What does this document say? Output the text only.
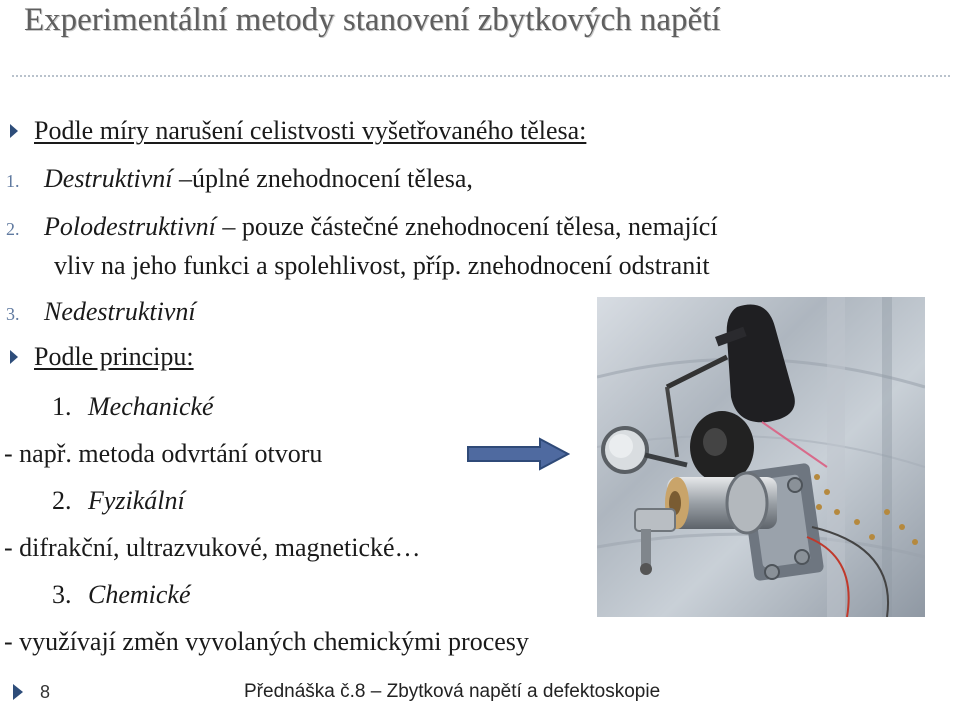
Experimentální metody stanovení zbytkových napětí
Podle míry narušení celistvosti vyšetřovaného tělesa:
1. Destruktivní –úplné znehodnocení tělesa,
2. Polodestruktivní – pouze částečné znehodnocení tělesa, nemající
vliv na jeho funkci a spolehlivost, příp. znehodnocení odstranit
3. Nedestruktivní
Podle principu:
1. Mechanické
- např. metoda odvrtání otvoru
2. Fyzikální
- difrakční, ultrazvukové, magnetické…
3. Chemické
- využívají změn vyvolaných chemickými procesy
8	Přednáška č.8 – Zbytková napětí a defektoskopie
